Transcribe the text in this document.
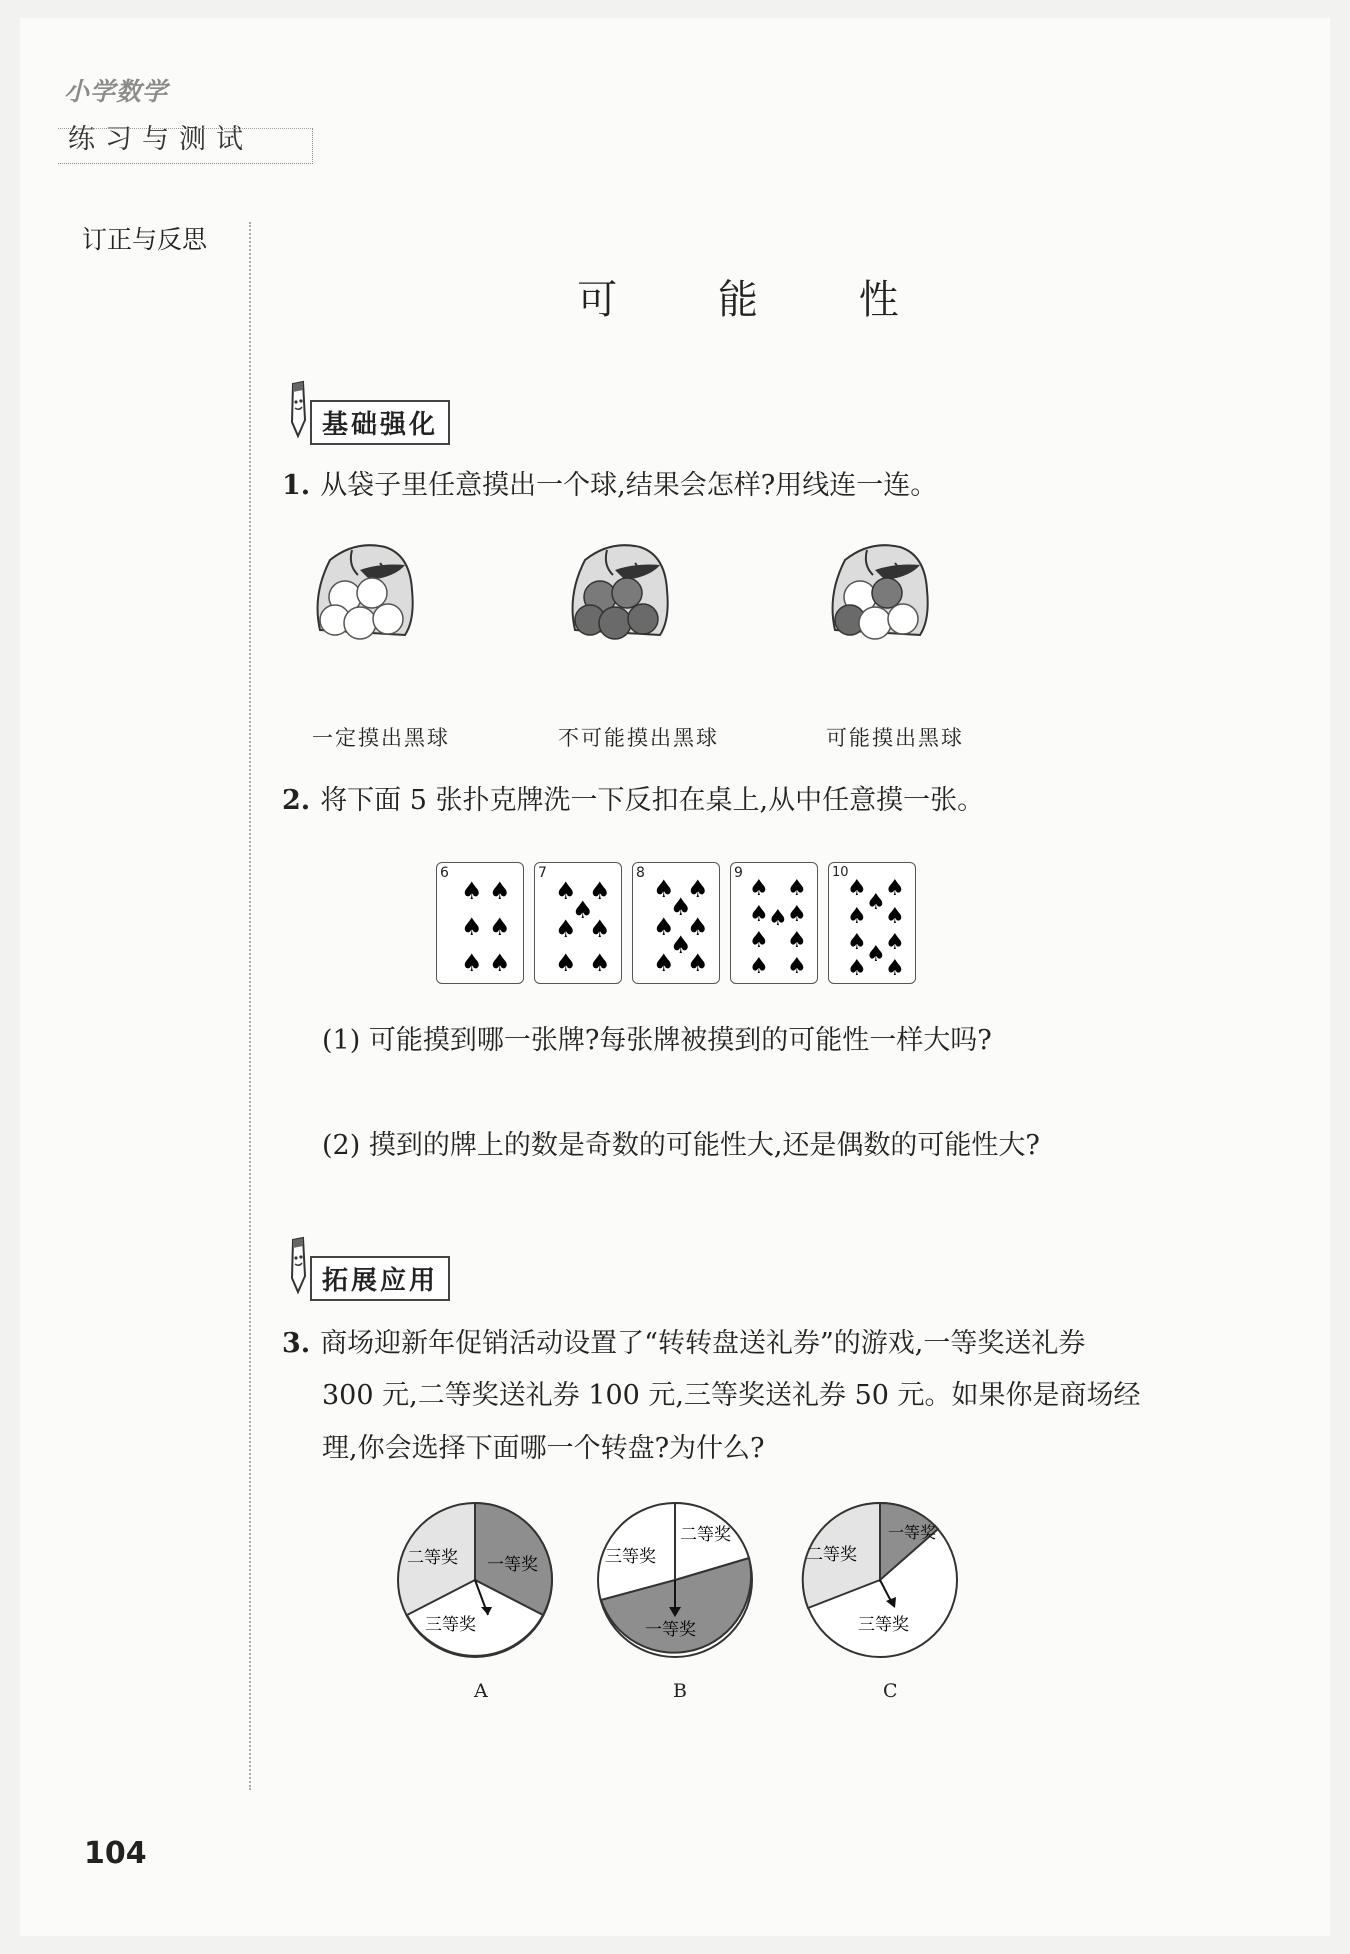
小学数学
练习与测试
订正与反思
可 能 性
基础强化
1. 从袋子里任意摸出一个球,结果会怎样?用线连一连。
一定摸出黑球	不可能摸出黑球	可能摸出黑球
2. 将下面 5 张扑克牌洗一下反扣在桌上,从中任意摸一张。
6
♠ ♠
♠ ♠
♠ ♠
7
♠ ♠
♠
♠ ♠
♠ ♠
8
♠ ♠
♠
♠ ♠
♠
♠ ♠
9
♠ ♠
♠ ♠ ♠
♠ ♠
♠ ♠
10
♠ ♠
♠
♠ ♠
♠ ♠
♠
♠ ♠
(1) 可能摸到哪一张牌?每张牌被摸到的可能性一样大吗?
(2) 摸到的牌上的数是奇数的可能性大,还是偶数的可能性大?
拓展应用
3. 商场迎新年促销活动设置了“转转盘送礼券”的游戏,一等奖送礼券
300 元,二等奖送礼券 100 元,三等奖送礼券 50 元。如果你是商场经
理,你会选择下面哪一个转盘?为什么?
二等奖 一等奖
三等奖
A
三等奖
二等奖
一等奖
B
二等奖
一等奖
三等奖
C
104
